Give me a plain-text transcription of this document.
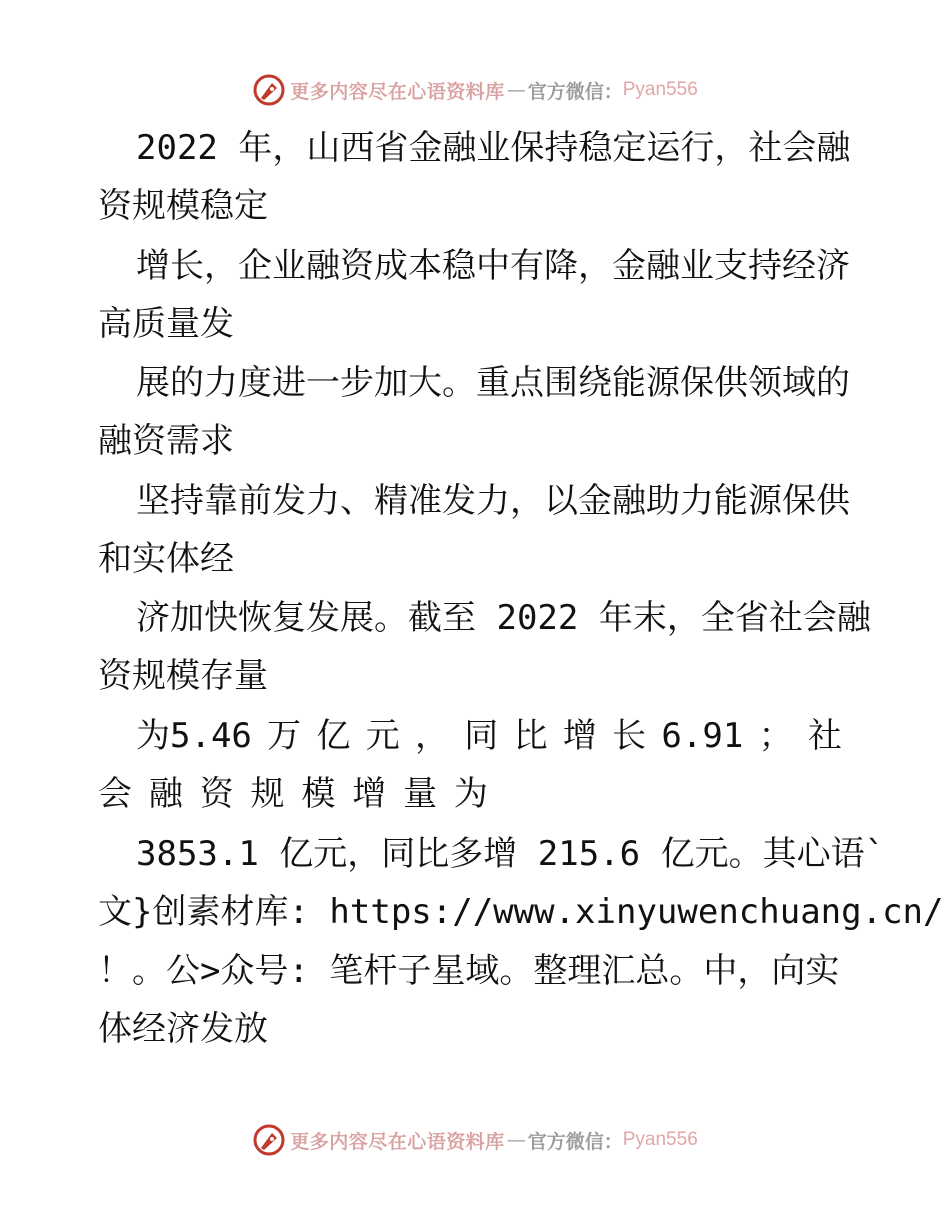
更多内容尽在心语资料库 — 官方微信： Pyan556
2022 年，山西省金融业保持稳定运行，社会融
资规模稳定
增长，企业融资成本稳中有降，金融业支持经济
高质量发
展的力度进一步加大。重点围绕能源保供领域的
融资需求
坚持靠前发力、精准发力，以金融助力能源保供
和实体经
济加快恢复发展。截至 2022 年末，全省社会融
资规模存量
为5.46 万 亿 元 ， 同 比 增 长 6.91 ； 社
会 融 资 规 模 增 量 为
3853.1 亿元，同比多增 215.6 亿元。其心语`
文}创素材库: https://www.xinyuwenchuang.cn/
！。公>众号: 笔杆子星域。整理汇总。中，向实
体经济发放
更多内容尽在心语资料库 — 官方微信： Pyan556
